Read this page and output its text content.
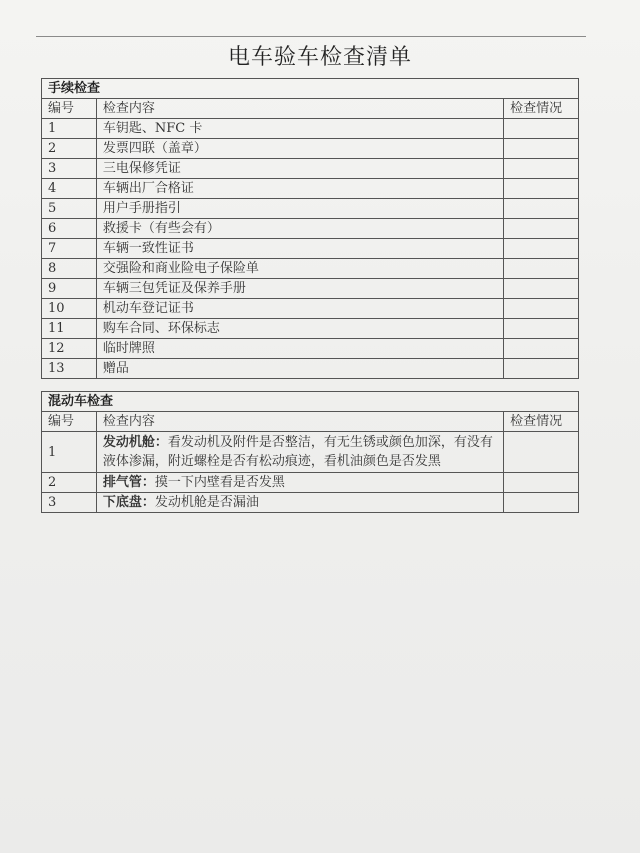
电车验车检查清单
手续检查		
编号	检查内容	检查情况
1	车钥匙、NFC 卡	
2	发票四联（盖章）	
3	三电保修凭证	
4	车辆出厂合格证	
5	用户手册指引	
6	救援卡（有些会有）	
7	车辆一致性证书	
8	交强险和商业险电子保险单	
9	车辆三包凭证及保养手册	
10	机动车登记证书	
11	购车合同、环保标志	
12	临时牌照	
13	赠品	
混动车检查		
编号	检查内容	检查情况
1	发动机舱：看发动机及附件是否整洁，有无生锈或颜色加深，有没有液体渗漏，附近螺栓是否有松动痕迹，看机油颜色是否发黑	
2	排气管：摸一下内壁看是否发黑	
3	下底盘：发动机舱是否漏油	
